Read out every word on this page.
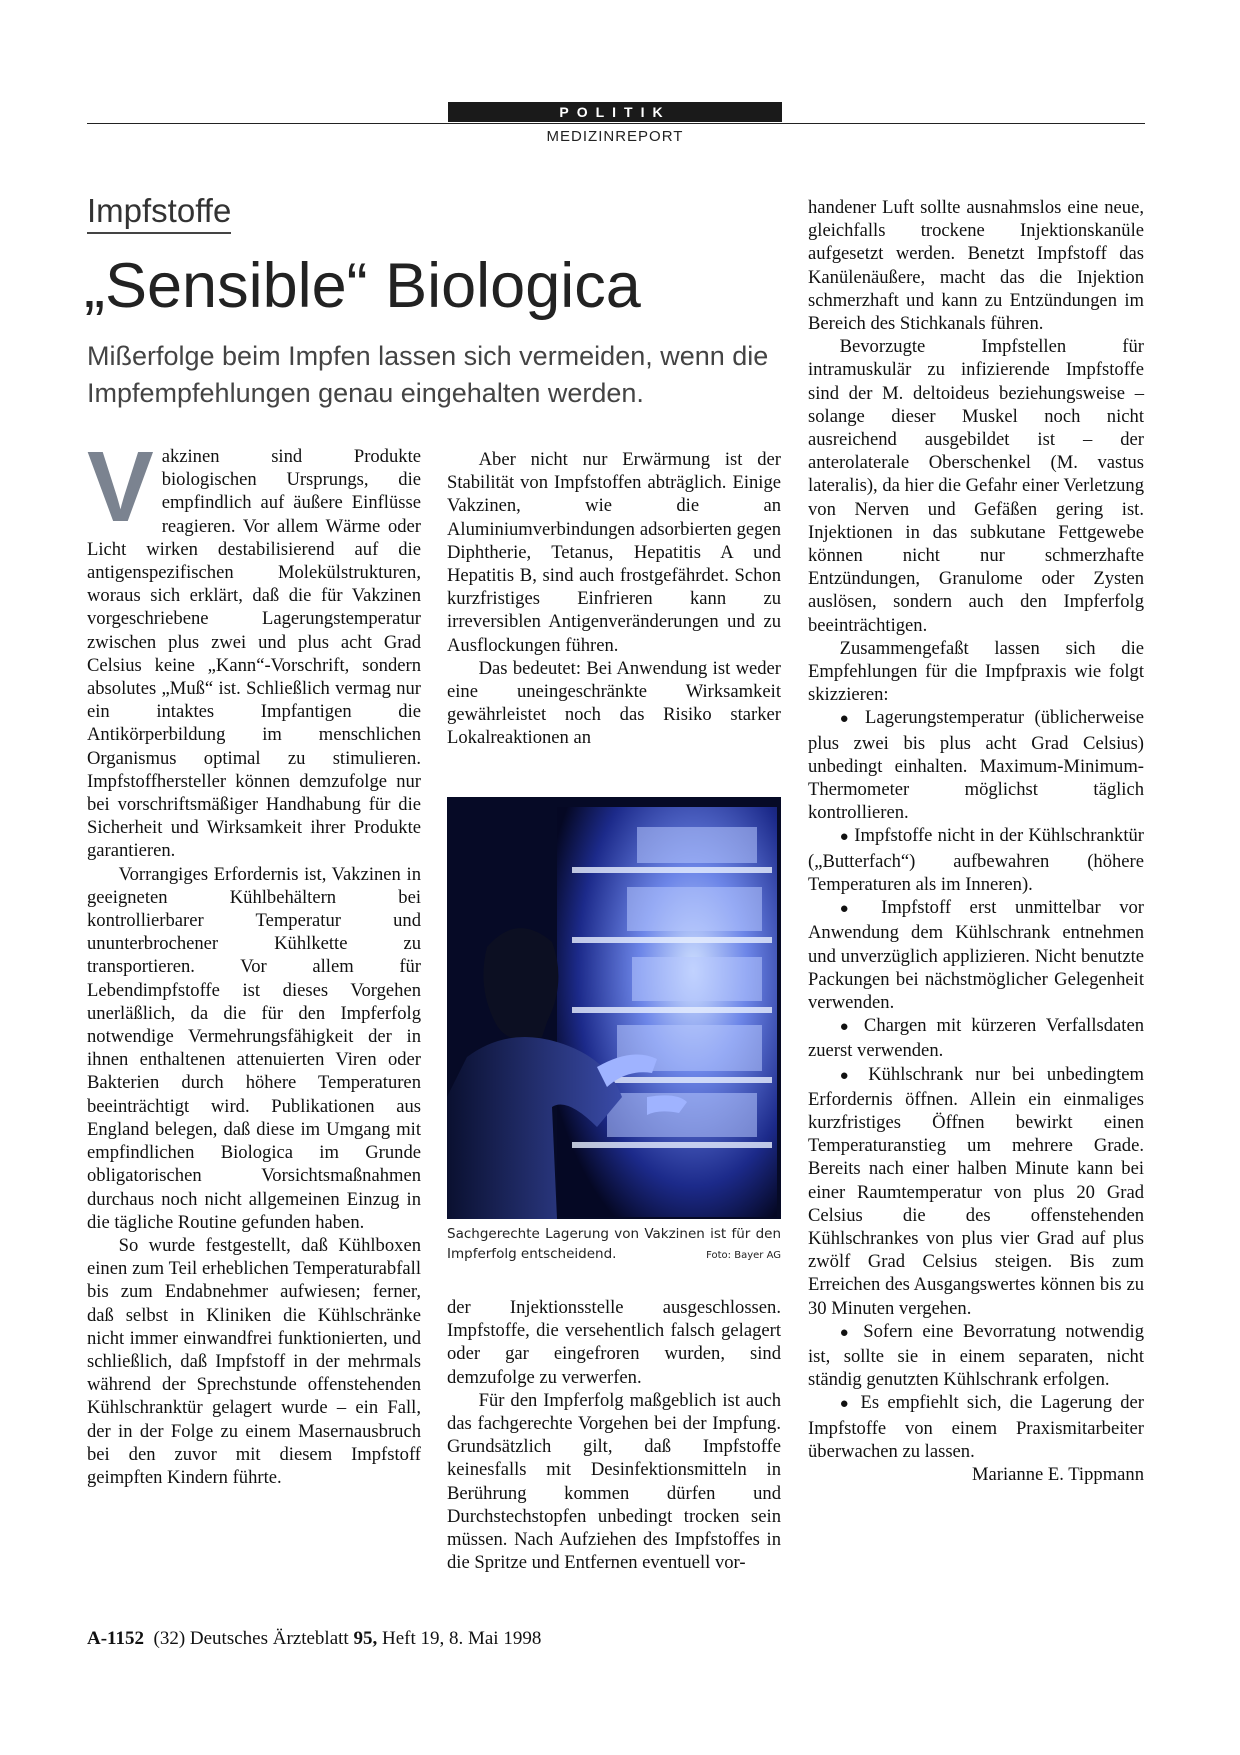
POLITIK
MEDIZINREPORT
Impfstoffe
„Sensible“ Biologica
Mißerfolge beim Impfen lassen sich vermeiden, wenn die Impfempfehlungen genau eingehalten werden.

Vakzinen sind Produkte biologischen Ursprungs, die empfindlich auf äußere Einflüsse reagieren. Vor allem Wärme oder Licht wirken destabilisierend auf die antigenspezifischen Molekülstrukturen, woraus sich erklärt, daß die für Vakzinen vorgeschriebene Lagerungstemperatur zwischen plus zwei und plus acht Grad Celsius keine „Kann“-Vorschrift, sondern absolutes „Muß“ ist. Schließlich vermag nur ein intaktes Impfantigen die Antikörperbildung im menschlichen Organismus optimal zu stimulieren. Impfstoffhersteller können demzufolge nur bei vorschriftsmäßiger Handhabung für die Sicherheit und Wirksamkeit ihrer Produkte garantieren.

Vorrangiges Erfordernis ist, Vakzinen in geeigneten Kühlbehältern bei kontrollierbarer Temperatur und ununterbrochener Kühlkette zu transportieren. Vor allem für Lebendimpfstoffe ist dieses Vorgehen unerläßlich, da die für den Impferfolg notwendige Vermehrungsfähigkeit der in ihnen enthaltenen attenuierten Viren oder Bakterien durch höhere Temperaturen beeinträchtigt wird. Publikationen aus England belegen, daß diese im Umgang mit empfindlichen Biologica im Grunde obligatorischen Vorsichtsmaßnahmen durchaus noch nicht allgemeinen Einzug in die tägliche Routine gefunden haben.

So wurde festgestellt, daß Kühlboxen einen zum Teil erheblichen Temperaturabfall bis zum Endabnehmer aufwiesen; ferner, daß selbst in Kliniken die Kühlschränke nicht immer einwandfrei funktionierten, und schließlich, daß Impfstoff in der mehrmals während der Sprechstunde offenstehenden Kühlschranktür gelagert wurde – ein Fall, der in der Folge zu einem Masernausbruch bei den zuvor mit diesem Impfstoff geimpften Kindern führte.

Aber nicht nur Erwärmung ist der Stabilität von Impfstoffen abträglich. Einige Vakzinen, wie die an Aluminiumverbindungen adsorbierten gegen Diphtherie, Tetanus, Hepatitis A und Hepatitis B, sind auch frostgefährdet. Schon kurzfristiges Einfrieren kann zu irreversiblen Antigenveränderungen und zu Ausflockungen führen.

Das bedeutet: Bei Anwendung ist weder eine uneingeschränkte Wirksamkeit gewährleistet noch das Risiko starker Lokalreaktionen an

Sachgerechte Lagerung von Vakzinen ist für den Impferfolg entscheidend.	Foto: Bayer AG

der Injektionsstelle ausgeschlossen. Impfstoffe, die versehentlich falsch gelagert oder gar eingefroren wurden, sind demzufolge zu verwerfen.

Für den Impferfolg maßgeblich ist auch das fachgerechte Vorgehen bei der Impfung. Grundsätzlich gilt, daß Impfstoffe keinesfalls mit Desinfektionsmitteln in Berührung kommen dürfen und Durchstechstopfen unbedingt trocken sein müssen. Nach Aufziehen des Impfstoffes in die Spritze und Entfernen eventuell vor-

handener Luft sollte ausnahmslos eine neue, gleichfalls trockene Injektionskanüle aufgesetzt werden. Benetzt Impfstoff das Kanülenäußere, macht das die Injektion schmerzhaft und kann zu Entzündungen im Bereich des Stichkanals führen.

Bevorzugte Impfstellen für intramuskulär zu infizierende Impfstoffe sind der M. deltoideus beziehungsweise – solange dieser Muskel noch nicht ausreichend ausgebildet ist – der anterolaterale Oberschenkel (M. vastus lateralis), da hier die Gefahr einer Verletzung von Nerven und Gefäßen gering ist. Injektionen in das subkutane Fettgewebe können nicht nur schmerzhafte Entzündungen, Granulome oder Zysten auslösen, sondern auch den Impferfolg beeinträchtigen.

Zusammengefaßt lassen sich die Empfehlungen für die Impfpraxis wie folgt skizzieren:

● Lagerungstemperatur (üblicherweise plus zwei bis plus acht Grad Celsius) unbedingt einhalten. Maximum-Minimum-Thermometer möglichst täglich kontrollieren.

● Impfstoffe nicht in der Kühlschranktür („Butterfach“) aufbewahren (höhere Temperaturen als im Inneren).

● Impfstoff erst unmittelbar vor Anwendung dem Kühlschrank entnehmen und unverzüglich applizieren. Nicht benutzte Packungen bei nächstmöglicher Gelegenheit verwenden.

● Chargen mit kürzeren Verfallsdaten zuerst verwenden.

● Kühlschrank nur bei unbedingtem Erfordernis öffnen. Allein ein einmaliges kurzfristiges Öffnen bewirkt einen Temperaturanstieg um mehrere Grade. Bereits nach einer halben Minute kann bei einer Raumtemperatur von plus 20 Grad Celsius die des offenstehenden Kühlschrankes von plus vier Grad auf plus zwölf Grad Celsius steigen. Bis zum Erreichen des Ausgangswertes können bis zu 30 Minuten vergehen.

● Sofern eine Bevorratung notwendig ist, sollte sie in einem separaten, nicht ständig genutzten Kühlschrank erfolgen.

● Es empfiehlt sich, die Lagerung der Impfstoffe von einem Praxismitarbeiter überwachen zu lassen.

Marianne E. Tippmann

A-1152 (32) Deutsches Ärzteblatt 95, Heft 19, 8. Mai 1998
